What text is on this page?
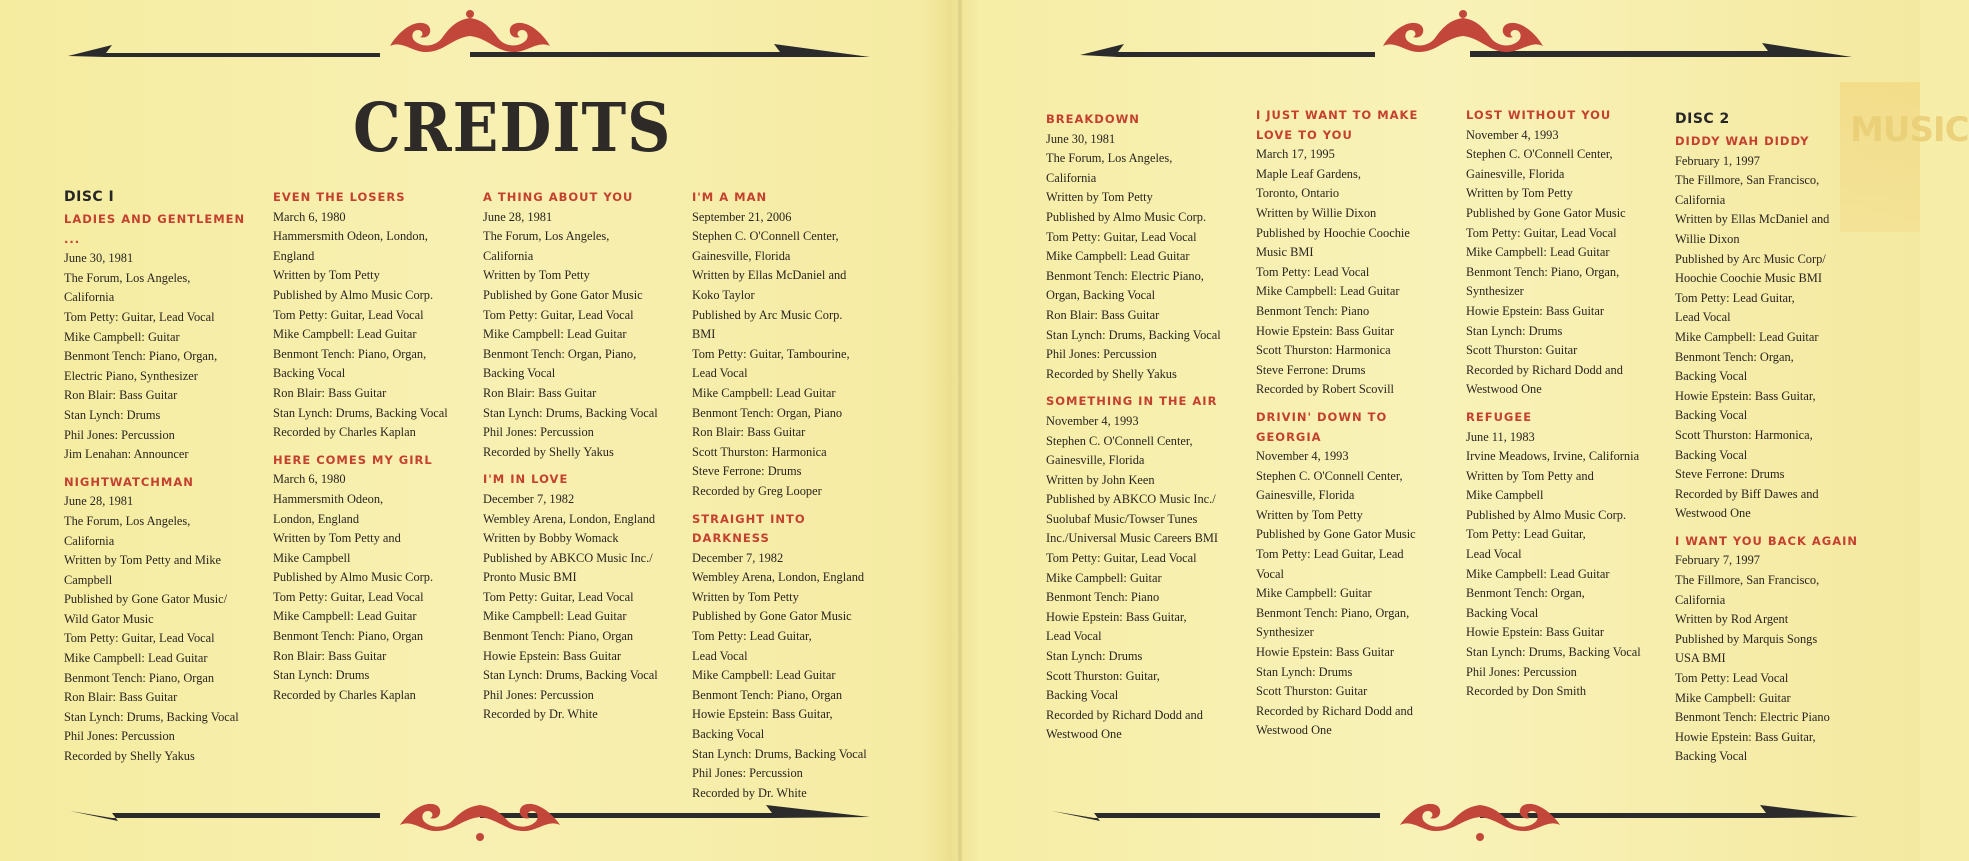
CREDITS

DISC I

LADIES AND GENTLEMEN ...

June 30, 1981

The Forum, Los Angeles,

California

Tom Petty: Guitar, Lead Vocal

Mike Campbell: Guitar

Benmont Tench: Piano, Organ,

Electric Piano, Synthesizer

Ron Blair: Bass Guitar

Stan Lynch: Drums

Phil Jones: Percussion

Jim Lenahan: Announcer

NIGHTWATCHMAN

June 28, 1981

The Forum, Los Angeles,

California

Written by Tom Petty and Mike

Campbell

Published by Gone Gator Music/

Wild Gator Music

Tom Petty: Guitar, Lead Vocal

Mike Campbell: Lead Guitar

Benmont Tench: Piano, Organ

Ron Blair: Bass Guitar

Stan Lynch: Drums, Backing Vocal

Phil Jones: Percussion

Recorded by Shelly Yakus

EVEN THE LOSERS

March 6, 1980

Hammersmith Odeon, London,

England

Written by Tom Petty

Published by Almo Music Corp.

Tom Petty: Guitar, Lead Vocal

Mike Campbell: Lead Guitar

Benmont Tench: Piano, Organ,

Backing Vocal

Ron Blair: Bass Guitar

Stan Lynch: Drums, Backing Vocal

Recorded by Charles Kaplan

HERE COMES MY GIRL

March 6, 1980

Hammersmith Odeon,

London, England

Written by Tom Petty and

Mike Campbell

Published by Almo Music Corp.

Tom Petty: Guitar, Lead Vocal

Mike Campbell: Lead Guitar

Benmont Tench: Piano, Organ

Ron Blair: Bass Guitar

Stan Lynch: Drums

Recorded by Charles Kaplan

A THING ABOUT YOU

June 28, 1981

The Forum, Los Angeles,

California

Written by Tom Petty

Published by Gone Gator Music

Tom Petty: Guitar, Lead Vocal

Mike Campbell: Lead Guitar

Benmont Tench: Organ, Piano,

Backing Vocal

Ron Blair: Bass Guitar

Stan Lynch: Drums, Backing Vocal

Phil Jones: Percussion

Recorded by Shelly Yakus

I'M IN LOVE

December 7, 1982

Wembley Arena, London, England

Written by Bobby Womack

Published by ABKCO Music Inc./

Pronto Music BMI

Tom Petty: Guitar, Lead Vocal

Mike Campbell: Lead Guitar

Benmont Tench: Piano, Organ

Howie Epstein: Bass Guitar

Stan Lynch: Drums, Backing Vocal

Phil Jones: Percussion

Recorded by Dr. White

I'M A MAN

September 21, 2006

Stephen C. O'Connell Center,

Gainesville, Florida

Written by Ellas McDaniel and

Koko Taylor

Published by Arc Music Corp.

BMI

Tom Petty: Guitar, Tambourine,

Lead Vocal

Mike Campbell: Lead Guitar

Benmont Tench: Organ, Piano

Ron Blair: Bass Guitar

Scott Thurston: Harmonica

Steve Ferrone: Drums

Recorded by Greg Looper

STRAIGHT INTO DARKNESS

December 7, 1982

Wembley Arena, London, England

Written by Tom Petty

Published by Gone Gator Music

Tom Petty: Lead Guitar,

Lead Vocal

Mike Campbell: Lead Guitar

Benmont Tench: Piano, Organ

Howie Epstein: Bass Guitar,

Backing Vocal

Stan Lynch: Drums, Backing Vocal

Phil Jones: Percussion

Recorded by Dr. White

MUSIC

BREAKDOWN

June 30, 1981

The Forum, Los Angeles,

California

Written by Tom Petty

Published by Almo Music Corp.

Tom Petty: Guitar, Lead Vocal

Mike Campbell: Lead Guitar

Benmont Tench: Electric Piano,

Organ, Backing Vocal

Ron Blair: Bass Guitar

Stan Lynch: Drums, Backing Vocal

Phil Jones: Percussion

Recorded by Shelly Yakus

SOMETHING IN THE AIR

November 4, 1993

Stephen C. O'Connell Center,

Gainesville, Florida

Written by John Keen

Published by ABKCO Music Inc./

Suolubaf Music/Towser Tunes

Inc./Universal Music Careers BMI

Tom Petty: Guitar, Lead Vocal

Mike Campbell: Guitar

Benmont Tench: Piano

Howie Epstein: Bass Guitar,

Lead Vocal

Stan Lynch: Drums

Scott Thurston: Guitar,

Backing Vocal

Recorded by Richard Dodd and

Westwood One

I JUST WANT TO MAKE

LOVE TO YOU

March 17, 1995

Maple Leaf Gardens,

Toronto, Ontario

Written by Willie Dixon

Published by Hoochie Coochie

Music BMI

Tom Petty: Lead Vocal

Mike Campbell: Lead Guitar

Benmont Tench: Piano

Howie Epstein: Bass Guitar

Scott Thurston: Harmonica

Steve Ferrone: Drums

Recorded by Robert Scovill

DRIVIN' DOWN TO GEORGIA

November 4, 1993

Stephen C. O'Connell Center,

Gainesville, Florida

Written by Tom Petty

Published by Gone Gator Music

Tom Petty: Lead Guitar, Lead

Vocal

Mike Campbell: Guitar

Benmont Tench: Piano, Organ,

Synthesizer

Howie Epstein: Bass Guitar

Stan Lynch: Drums

Scott Thurston: Guitar

Recorded by Richard Dodd and

Westwood One

LOST WITHOUT YOU

November 4, 1993

Stephen C. O'Connell Center,

Gainesville, Florida

Written by Tom Petty

Published by Gone Gator Music

Tom Petty: Guitar, Lead Vocal

Mike Campbell: Lead Guitar

Benmont Tench: Piano, Organ,

Synthesizer

Howie Epstein: Bass Guitar

Stan Lynch: Drums

Scott Thurston: Guitar

Recorded by Richard Dodd and

Westwood One

REFUGEE

June 11, 1983

Irvine Meadows, Irvine, California

Written by Tom Petty and

Mike Campbell

Published by Almo Music Corp.

Tom Petty: Lead Guitar,

Lead Vocal

Mike Campbell: Lead Guitar

Benmont Tench: Organ,

Backing Vocal

Howie Epstein: Bass Guitar

Stan Lynch: Drums, Backing Vocal

Phil Jones: Percussion

Recorded by Don Smith

DISC 2

DIDDY WAH DIDDY

February 1, 1997

The Fillmore, San Francisco,

California

Written by Ellas McDaniel and

Willie Dixon

Published by Arc Music Corp/

Hoochie Coochie Music BMI

Tom Petty: Lead Guitar,

Lead Vocal

Mike Campbell: Lead Guitar

Benmont Tench: Organ,

Backing Vocal

Howie Epstein: Bass Guitar,

Backing Vocal

Scott Thurston: Harmonica,

Backing Vocal

Steve Ferrone: Drums

Recorded by Biff Dawes and

Westwood One

I WANT YOU BACK AGAIN

February 7, 1997

The Fillmore, San Francisco,

California

Written by Rod Argent

Published by Marquis Songs

USA BMI

Tom Petty: Lead Vocal

Mike Campbell: Guitar

Benmont Tench: Electric Piano

Howie Epstein: Bass Guitar,

Backing Vocal
